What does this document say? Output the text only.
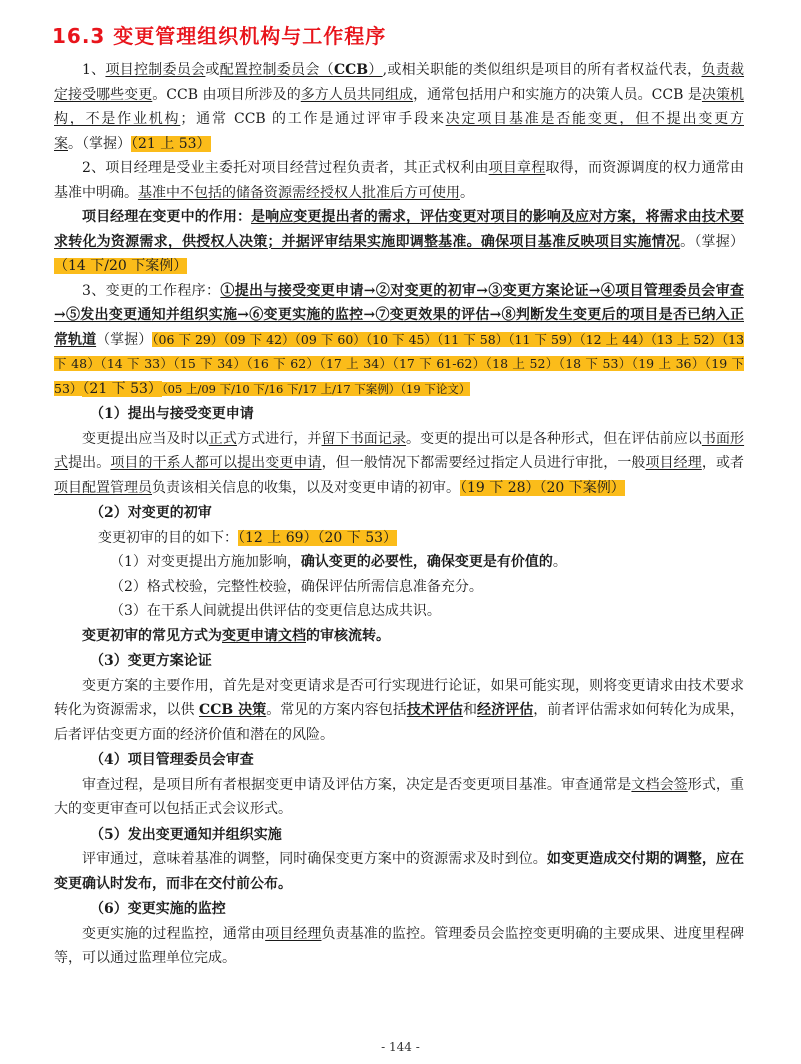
16.3 变更管理组织机构与工作程序

1、项目控制委员会或配置控制委员会（CCB）,或相关职能的类似组织是项目的所有者权益代表，负责裁定接受哪些变更。CCB 由项目所涉及的多方人员共同组成，通常包括用户和实施方的决策人员。CCB 是决策机构，不是作业机构；通常 CCB 的工作是通过评审手段来决定项目基准是否能变更，但不提出变更方案。（掌握）（21 上 53）

2、项目经理是受业主委托对项目经营过程负责者，其正式权利由项目章程取得，而资源调度的权力通常由基准中明确。基准中不包括的储备资源需经授权人批准后方可使用。

项目经理在变更中的作用：是响应变更提出者的需求，评估变更对项目的影响及应对方案，将需求由技术要求转化为资源需求，供授权人决策；并据评审结果实施即调整基准。确保项目基准反映项目实施情况。（掌握）（14 下/20 下案例）

3、变更的工作程序：①提出与接受变更申请→②对变更的初审→③变更方案论证→④项目管理委员会审查→⑤发出变更通知并组织实施→⑥变更实施的监控→⑦变更效果的评估→⑧判断发生变更后的项目是否已纳入正常轨道（掌握）（06 下 29）（09 下 42）（09 下 60）（10 下 45）（11 下 58）（11 下 59）（12 上 44）（13 上 52）（13 下 48）（14 下 33）（15 下 34）（16 下 62）（17 上 34）（17 下 61-62）（18 上 52）（18 下 53）（19 上 36）（19 下 53）（21 下 53）（05 上/09 下/10 下/16 下/17 上/17 下案例）（19 下论文）

（1）提出与接受变更申请

变更提出应当及时以正式方式进行，并留下书面记录。变更的提出可以是各种形式，但在评估前应以书面形式提出。项目的干系人都可以提出变更申请，但一般情况下都需要经过指定人员进行审批，一般项目经理，或者项目配置管理员负责该相关信息的收集，以及对变更申请的初审。（19 下 28）（20 下案例）

（2）对变更的初审

变更初审的目的如下：（12 上 69）（20 下 53）

（1）对变更提出方施加影响，确认变更的必要性，确保变更是有价值的。

（2）格式校验，完整性校验，确保评估所需信息准备充分。

（3）在干系人间就提出供评估的变更信息达成共识。

变更初审的常见方式为变更申请文档的审核流转。

（3）变更方案论证

变更方案的主要作用，首先是对变更请求是否可行实现进行论证，如果可能实现，则将变更请求由技术要求转化为资源需求，以供 CCB 决策。常见的方案内容包括技术评估和经济评估，前者评估需求如何转化为成果，后者评估变更方面的经济价值和潜在的风险。

（4）项目管理委员会审查

审查过程，是项目所有者根据变更申请及评估方案，决定是否变更项目基准。审查通常是文档会签形式，重大的变更审查可以包括正式会议形式。

（5）发出变更通知并组织实施

评审通过，意味着基准的调整，同时确保变更方案中的资源需求及时到位。如变更造成交付期的调整，应在变更确认时发布，而非在交付前公布。

（6）变更实施的监控

变更实施的过程监控，通常由项目经理负责基准的监控。管理委员会监控变更明确的主要成果、进度里程碑等，可以通过监理单位完成。

- 144 -
